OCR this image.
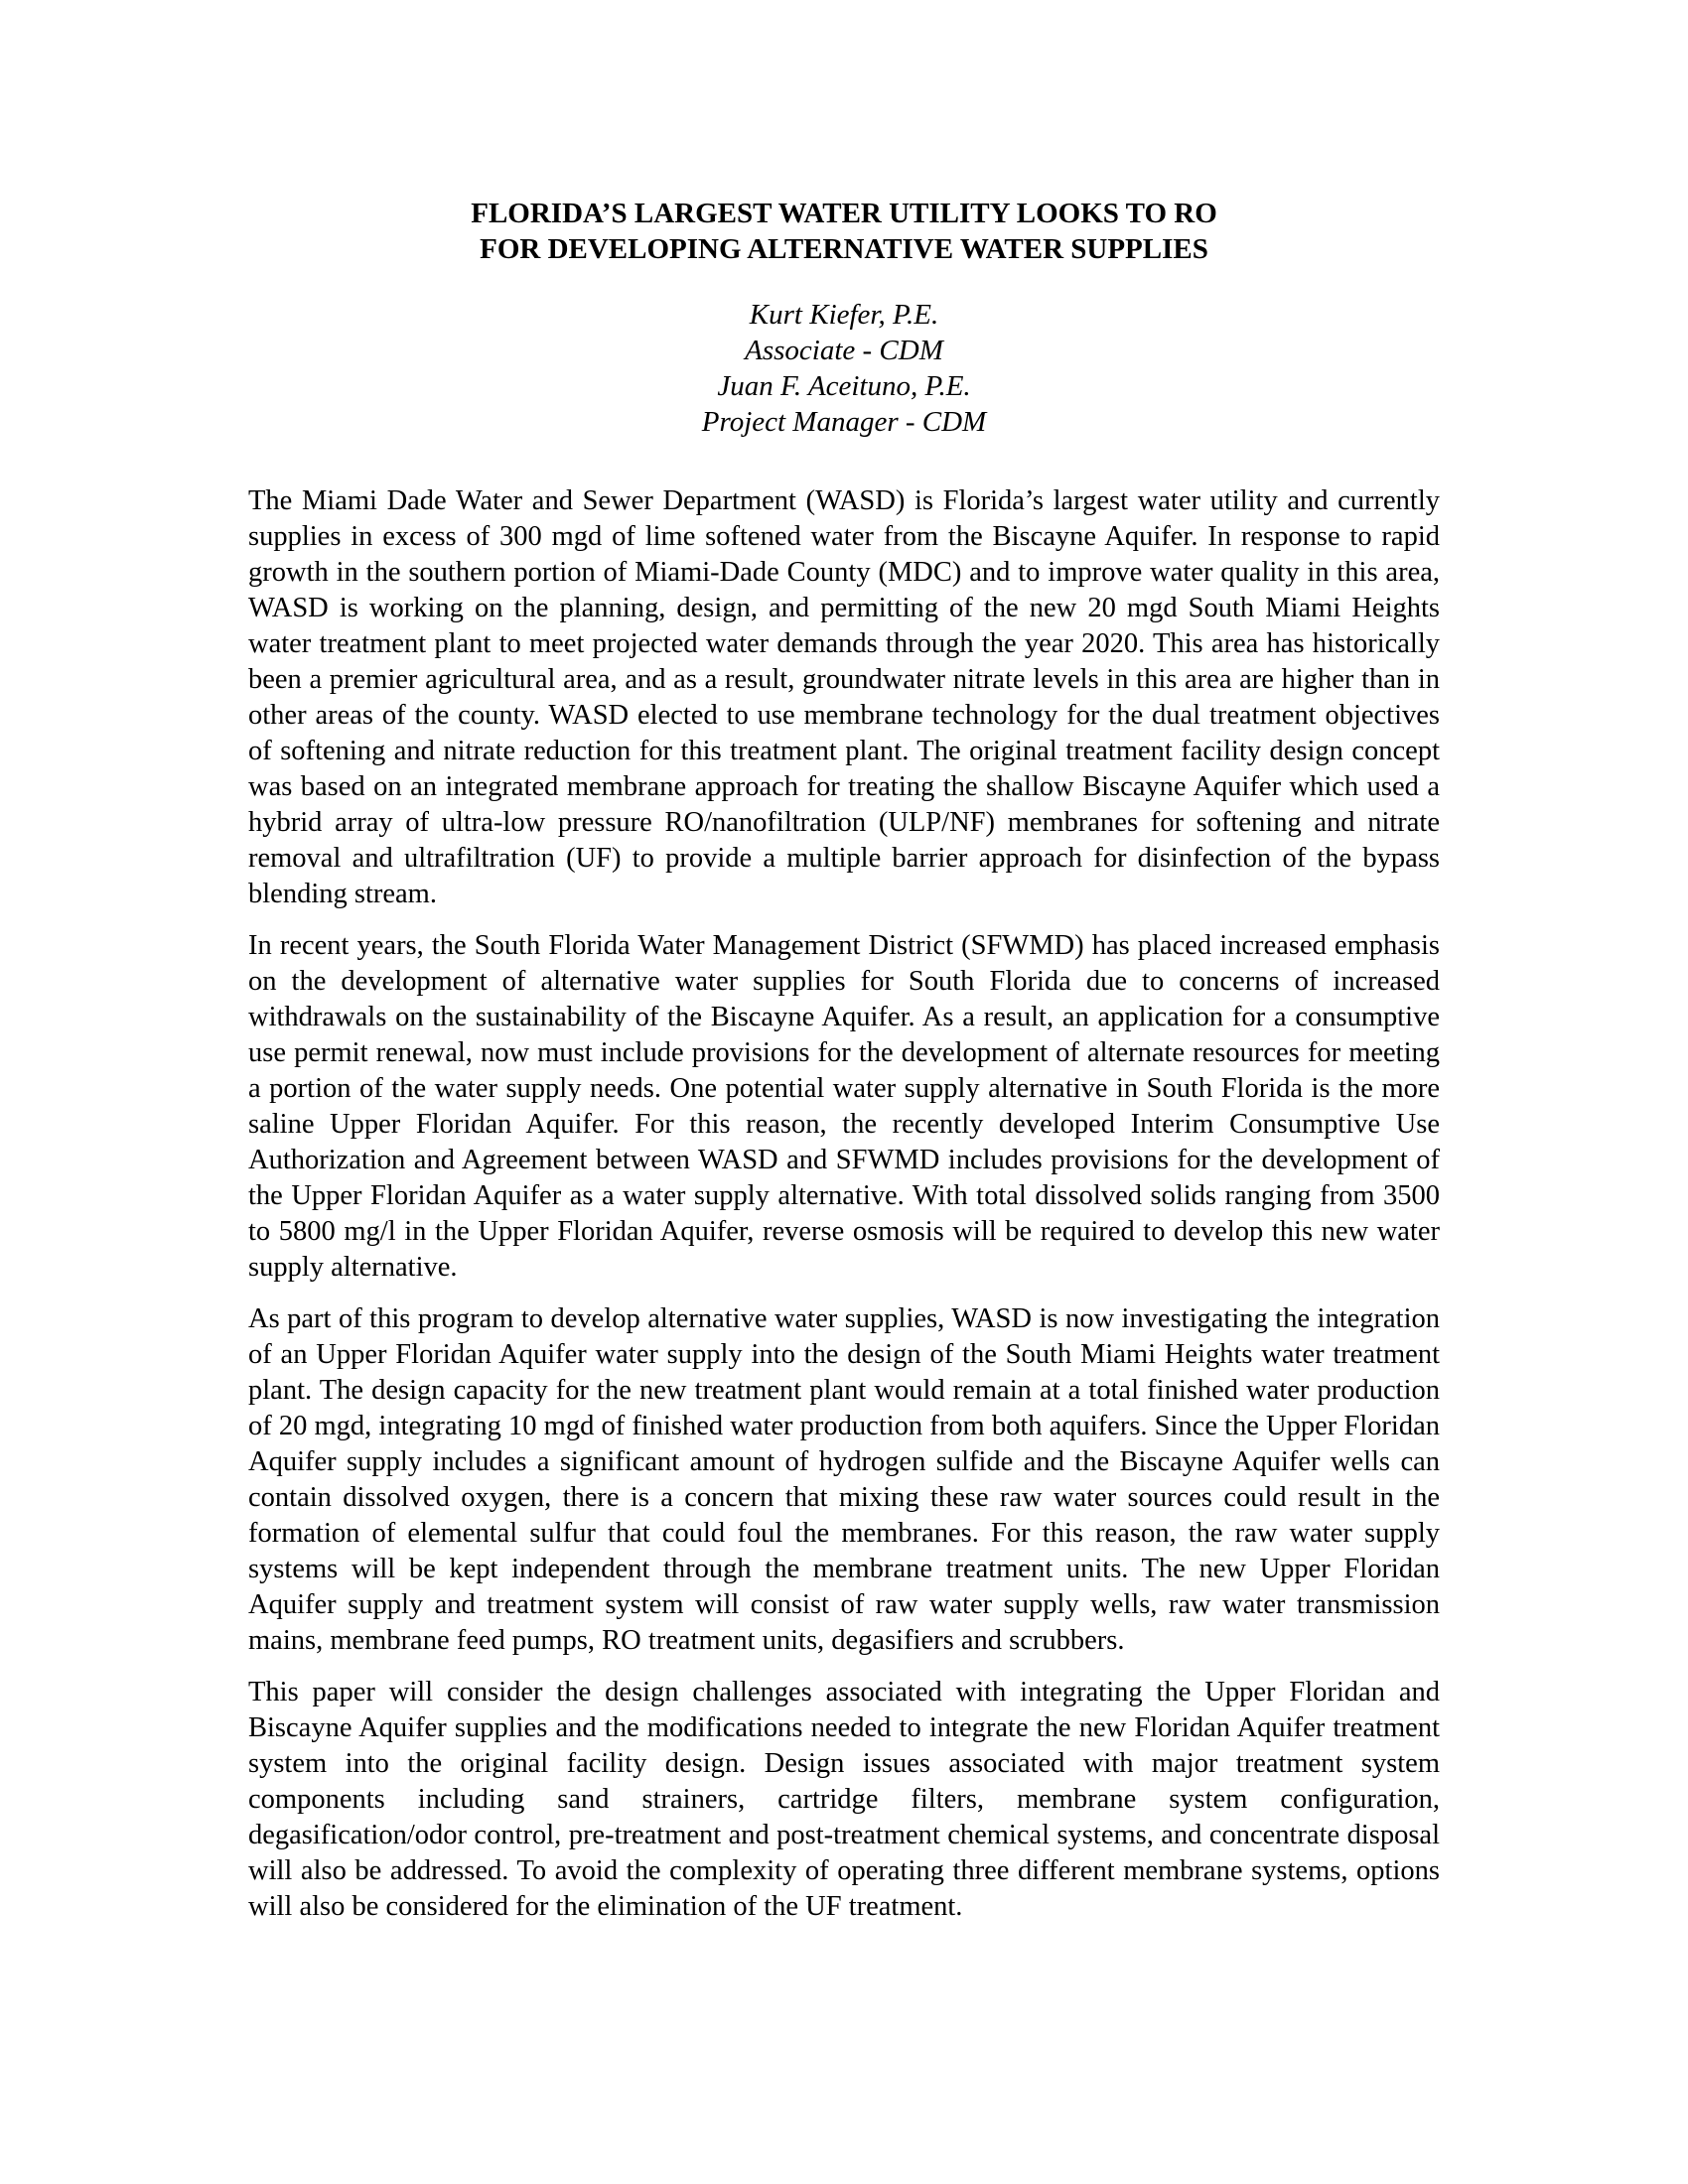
FLORIDA’S LARGEST WATER UTILITY LOOKS TO RO
FOR DEVELOPING ALTERNATIVE WATER SUPPLIES
Kurt Kiefer, P.E.
Associate - CDM
Juan F. Aceituno, P.E.
Project Manager - CDM

The Miami Dade Water and Sewer Department (WASD) is Florida’s largest water utility and currently supplies in excess of 300 mgd of lime softened water from the Biscayne Aquifer. In response to rapid growth in the southern portion of Miami-Dade County (MDC) and to improve water quality in this area, WASD is working on the planning, design, and permitting of the new 20 mgd South Miami Heights water treatment plant to meet projected water demands through the year 2020. This area has historically been a premier agricultural area, and as a result, groundwater nitrate levels in this area are higher than in other areas of the county. WASD elected to use membrane technology for the dual treatment objectives of softening and nitrate reduction for this treatment plant. The original treatment facility design concept was based on an integrated membrane approach for treating the shallow Biscayne Aquifer which used a hybrid array of ultra-low pressure RO/nanofiltration (ULP/NF) membranes for softening and nitrate removal and ultrafiltration (UF) to provide a multiple barrier approach for disinfection of the bypass blending stream.

In recent years, the South Florida Water Management District (SFWMD) has placed increased emphasis on the development of alternative water supplies for South Florida due to concerns of increased withdrawals on the sustainability of the Biscayne Aquifer. As a result, an application for a consumptive use permit renewal, now must include provisions for the development of alternate resources for meeting a portion of the water supply needs. One potential water supply alternative in South Florida is the more saline Upper Floridan Aquifer. For this reason, the recently developed Interim Consumptive Use Authorization and Agreement between WASD and SFWMD includes provisions for the development of the Upper Floridan Aquifer as a water supply alternative. With total dissolved solids ranging from 3500 to 5800 mg/l in the Upper Floridan Aquifer, reverse osmosis will be required to develop this new water supply alternative.

As part of this program to develop alternative water supplies, WASD is now investigating the integration of an Upper Floridan Aquifer water supply into the design of the South Miami Heights water treatment plant. The design capacity for the new treatment plant would remain at a total finished water production of 20 mgd, integrating 10 mgd of finished water production from both aquifers. Since the Upper Floridan Aquifer supply includes a significant amount of hydrogen sulfide and the Biscayne Aquifer wells can contain dissolved oxygen, there is a concern that mixing these raw water sources could result in the formation of elemental sulfur that could foul the membranes. For this reason, the raw water supply systems will be kept independent through the membrane treatment units. The new Upper Floridan Aquifer supply and treatment system will consist of raw water supply wells, raw water transmission mains, membrane feed pumps, RO treatment units, degasifiers and scrubbers.

This paper will consider the design challenges associated with integrating the Upper Floridan and Biscayne Aquifer supplies and the modifications needed to integrate the new Floridan Aquifer treatment system into the original facility design. Design issues associated with major treatment system components including sand strainers, cartridge filters, membrane system configuration, degasification/odor control, pre-treatment and post-treatment chemical systems, and concentrate disposal will also be addressed. To avoid the complexity of operating three different membrane systems, options will also be considered for the elimination of the UF treatment.
